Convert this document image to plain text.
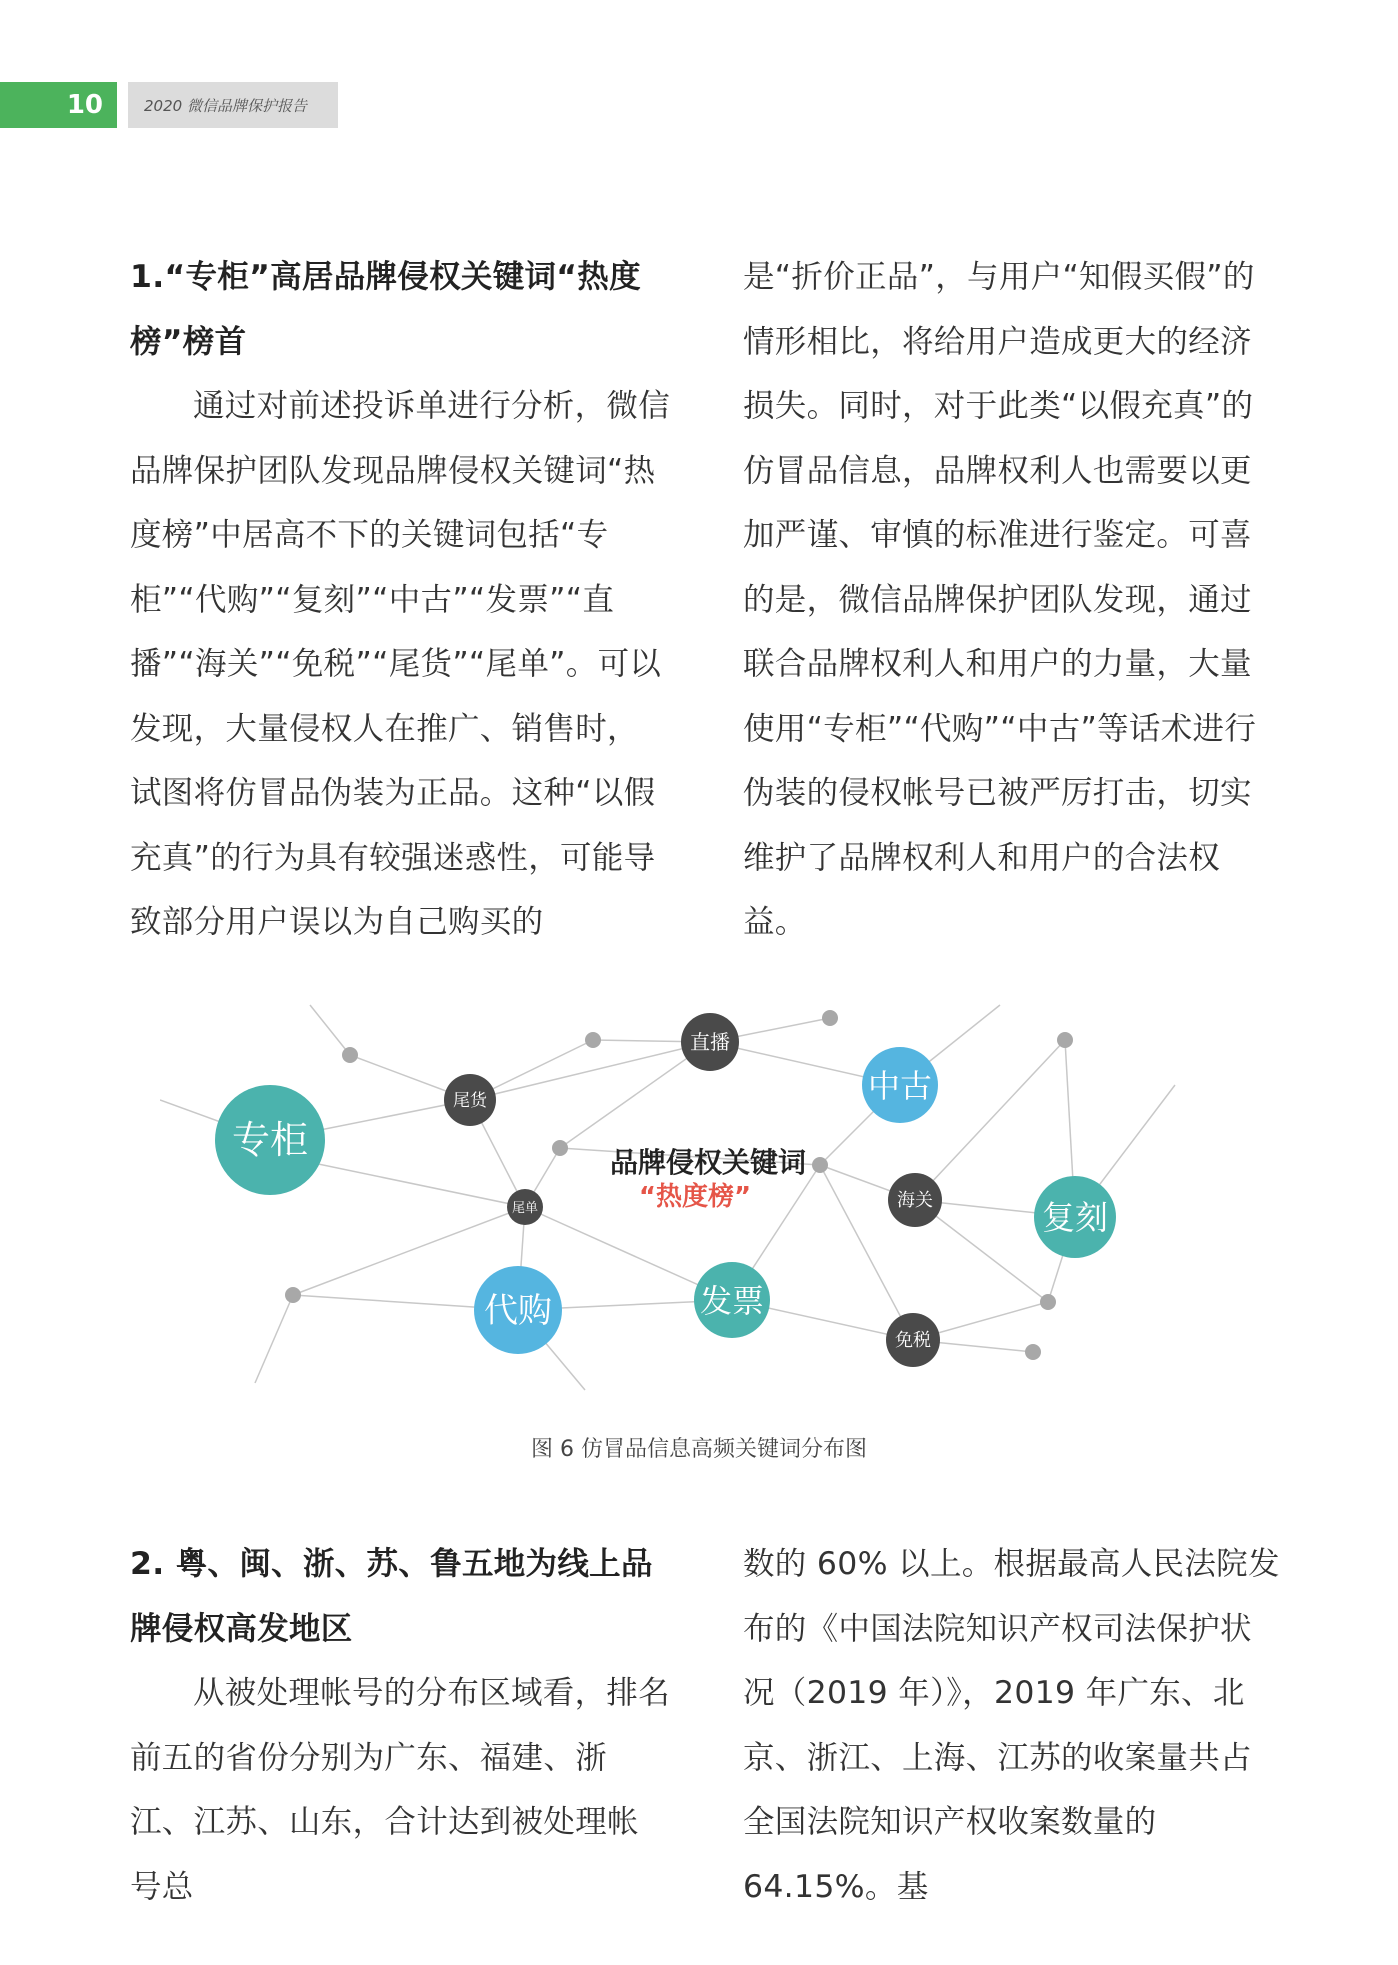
10	2020 微信品牌保护报告

1.“专柜”高居品牌侵权关键词“热度榜”榜首

通过对前述投诉单进行分析，微信品牌保护团队发现品牌侵权关键词“热度榜”中居高不下的关键词包括“专柜”“代购”“复刻”“中古”“发票”“直播”“海关”“免税”“尾货”“尾单”。可以发现，大量侵权人在推广、销售时，试图将仿冒品伪装为正品。这种“以假充真”的行为具有较强迷惑性，可能导致部分用户误以为自己购买的

是“折价正品”，与用户“知假买假”的情形相比，将给用户造成更大的经济损失。同时，对于此类“以假充真”的仿冒品信息，品牌权利人也需要以更加严谨、审慎的标准进行鉴定。可喜的是，微信品牌保护团队发现，通过联合品牌权利人和用户的力量，大量使用“专柜”“代购”“中古”等话术进行伪装的侵权帐号已被严厉打击，切实维护了品牌权利人和用户的合法权益。

专柜
代购	发票
中古
复刻
直播
尾货
尾单	海关
免税
品牌侵权关键词
“热度榜”
图 6 仿冒品信息高频关键词分布图

2. 粤、闽、浙、苏、鲁五地为线上品牌侵权高发地区

从被处理帐号的分布区域看，排名前五的省份分别为广东、福建、浙江、江苏、山东，合计达到被处理帐号总

数的 60% 以上。根据最高人民法院发布的《中国法院知识产权司法保护状况（2019 年）》，2019 年广东、北京、浙江、上海、江苏的收案量共占全国法院知识产权收案数量的 64.15%。基
